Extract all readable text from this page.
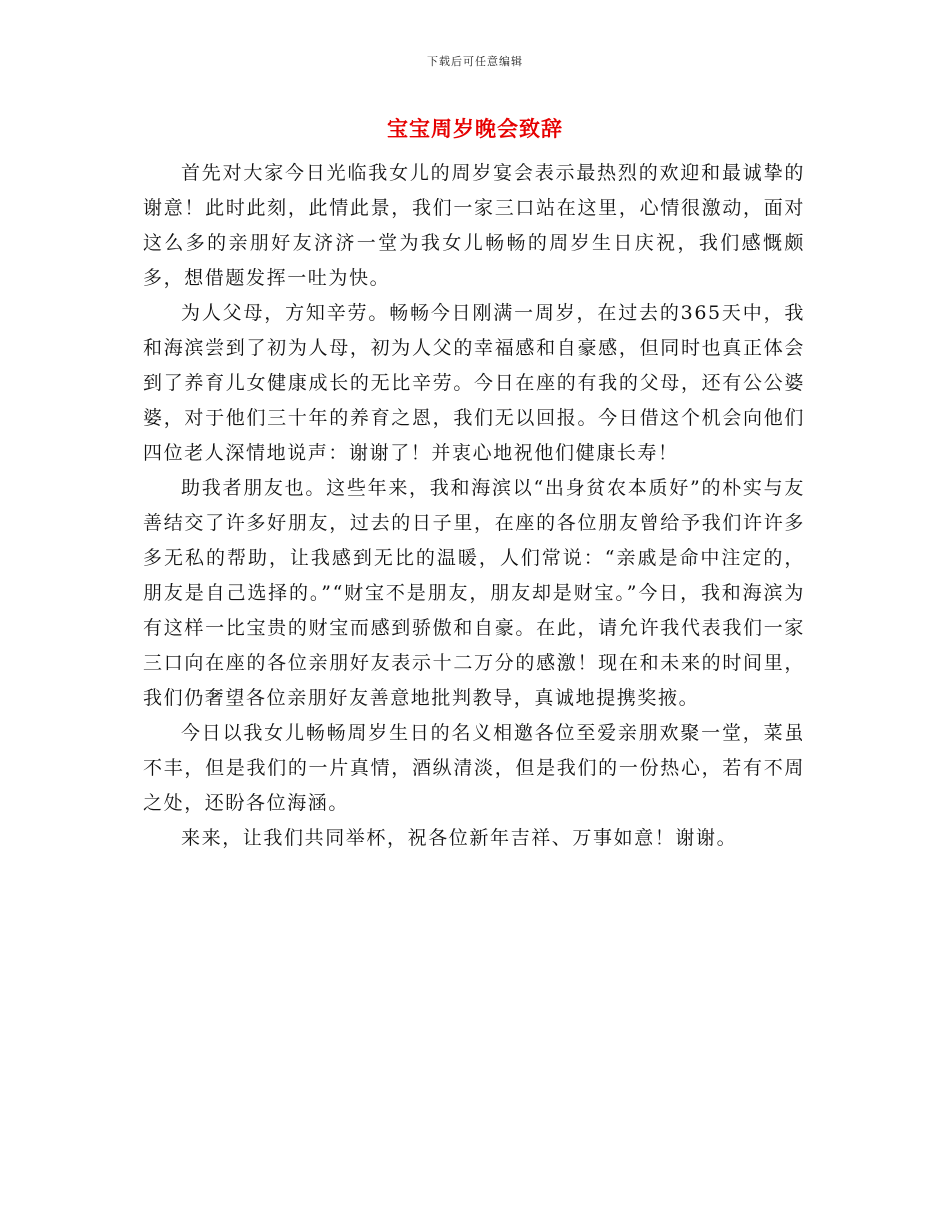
下载后可任意编辑
宝宝周岁晚会致辞

首先对大家今日光临我女儿的周岁宴会表示最热烈的欢迎和最诚挚的谢意！此时此刻，此情此景，我们一家三口站在这里，心情很激动，面对这么多的亲朋好友济济一堂为我女儿畅畅的周岁生日庆祝，我们感慨颇多，想借题发挥一吐为快。

为人父母，方知辛劳。畅畅今日刚满一周岁，在过去的365天中，我和海滨尝到了初为人母，初为人父的幸福感和自豪感，但同时也真正体会到了养育儿女健康成长的无比辛劳。今日在座的有我的父母，还有公公婆婆，对于他们三十年的养育之恩，我们无以回报。今日借这个机会向他们四位老人深情地说声：谢谢了！并衷心地祝他们健康长寿！

助我者朋友也。这些年来，我和海滨以“出身贫农本质好”的朴实与友善结交了许多好朋友，过去的日子里，在座的各位朋友曾给予我们许许多多无私的帮助，让我感到无比的温暖，人们常说：“亲戚是命中注定的，朋友是自己选择的。”“财宝不是朋友，朋友却是财宝。”今日，我和海滨为有这样一比宝贵的财宝而感到骄傲和自豪。在此，请允许我代表我们一家三口向在座的各位亲朋好友表示十二万分的感激！现在和未来的时间里，我们仍奢望各位亲朋好友善意地批判教导，真诚地提携奖掖。

今日以我女儿畅畅周岁生日的名义相邀各位至爱亲朋欢聚一堂，菜虽不丰，但是我们的一片真情，酒纵清淡，但是我们的一份热心，若有不周之处，还盼各位海涵。

来来，让我们共同举杯，祝各位新年吉祥、万事如意！谢谢。
